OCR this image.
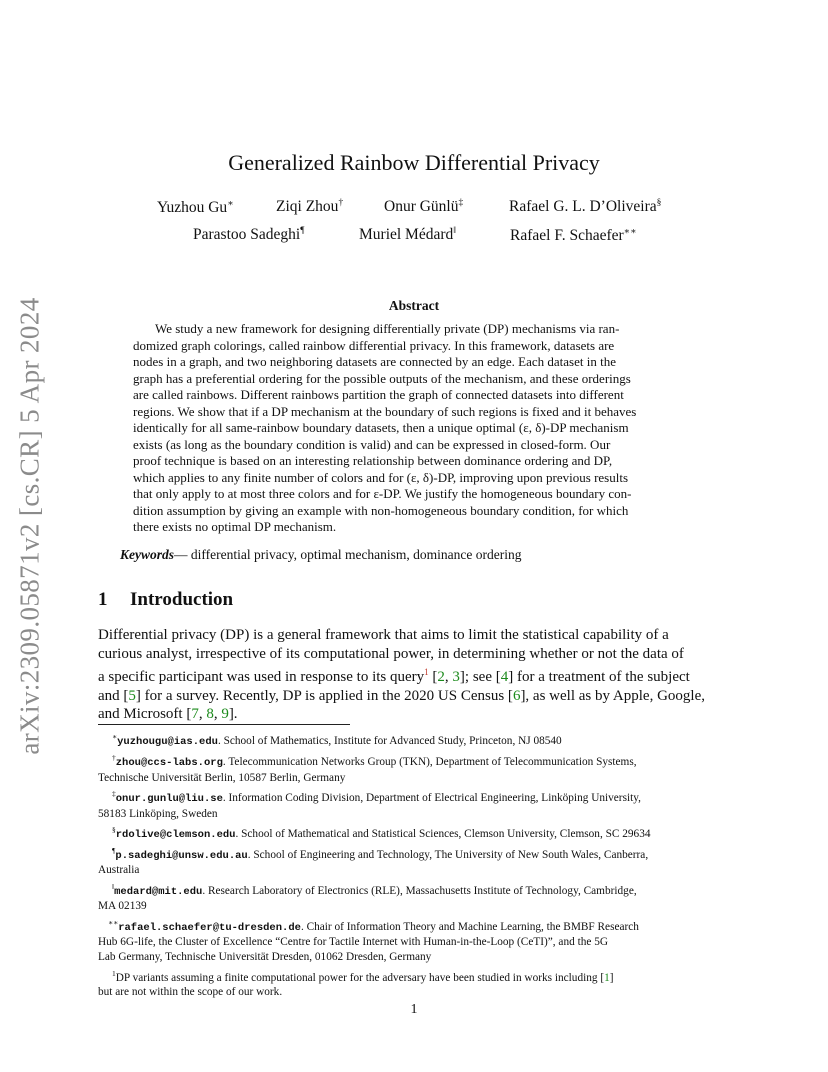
Generalized Rainbow Differential Privacy
Yuzhou Gu∗	Ziqi Zhou†	Onur Günlü‡	Rafael G. L. D’Oliveira§
Parastoo Sadeghi¶	Muriel Médard‖	Rafael F. Schaefer∗∗
arXiv:2309.05871v2 [cs.CR] 5 Apr 2024	Abstract
We study a new framework for designing differentially private (DP) mechanisms via ran-
domized graph colorings, called rainbow differential privacy. In this framework, datasets are
nodes in a graph, and two neighboring datasets are connected by an edge. Each dataset in the
graph has a preferential ordering for the possible outputs of the mechanism, and these orderings
are called rainbows. Different rainbows partition the graph of connected datasets into different
regions. We show that if a DP mechanism at the boundary of such regions is fixed and it behaves
identically for all same-rainbow boundary datasets, then a unique optimal (ε, δ)-DP mechanism
exists (as long as the boundary condition is valid) and can be expressed in closed-form. Our
proof technique is based on an interesting relationship between dominance ordering and DP,
which applies to any finite number of colors and for (ε, δ)-DP, improving upon previous results
that only apply to at most three colors and for ε-DP. We justify the homogeneous boundary con-
dition assumption by giving an example with non-homogeneous boundary condition, for which
there exists no optimal DP mechanism.
Keywords— differential privacy, optimal mechanism, dominance ordering
1 Introduction
Differential privacy (DP) is a general framework that aims to limit the statistical capability of a
curious analyst, irrespective of its computational power, in determining whether or not the data of
a specific participant was used in response to its query$^1$ [2, 3]; see [4] for a treatment of the subject
and [5] for a survey. Recently, DP is applied in the 2020 US Census [6], as well as by Apple, Google,
and Microsoft [7, 8, 9].
∗yuzhougu@ias.edu. School of Mathematics, Institute for Advanced Study, Princeton, NJ 08540
†zhou@ccs-labs.org. Telecommunication Networks Group (TKN), Department of Telecommunication Systems,
Technische Universität Berlin, 10587 Berlin, Germany
‡onur.gunlu@liu.se. Information Coding Division, Department of Electrical Engineering, Linköping University,
58183 Linköping, Sweden
§rdolive@clemson.edu. School of Mathematical and Statistical Sciences, Clemson University, Clemson, SC 29634
¶p.sadeghi@unsw.edu.au. School of Engineering and Technology, The University of New South Wales, Canberra,
Australia
‖medard@mit.edu. Research Laboratory of Electronics (RLE), Massachusetts Institute of Technology, Cambridge,
MA 02139
∗∗rafael.schaefer@tu-dresden.de. Chair of Information Theory and Machine Learning, the BMBF Research
Hub 6G-life, the Cluster of Excellence “Centre for Tactile Internet with Human-in-the-Loop (CeTI)”, and the 5G
Lab Germany, Technische Universität Dresden, 01062 Dresden, Germany
$^1$DP variants assuming a finite computational power for the adversary have been studied in works including [1]
but are not within the scope of our work.
1
